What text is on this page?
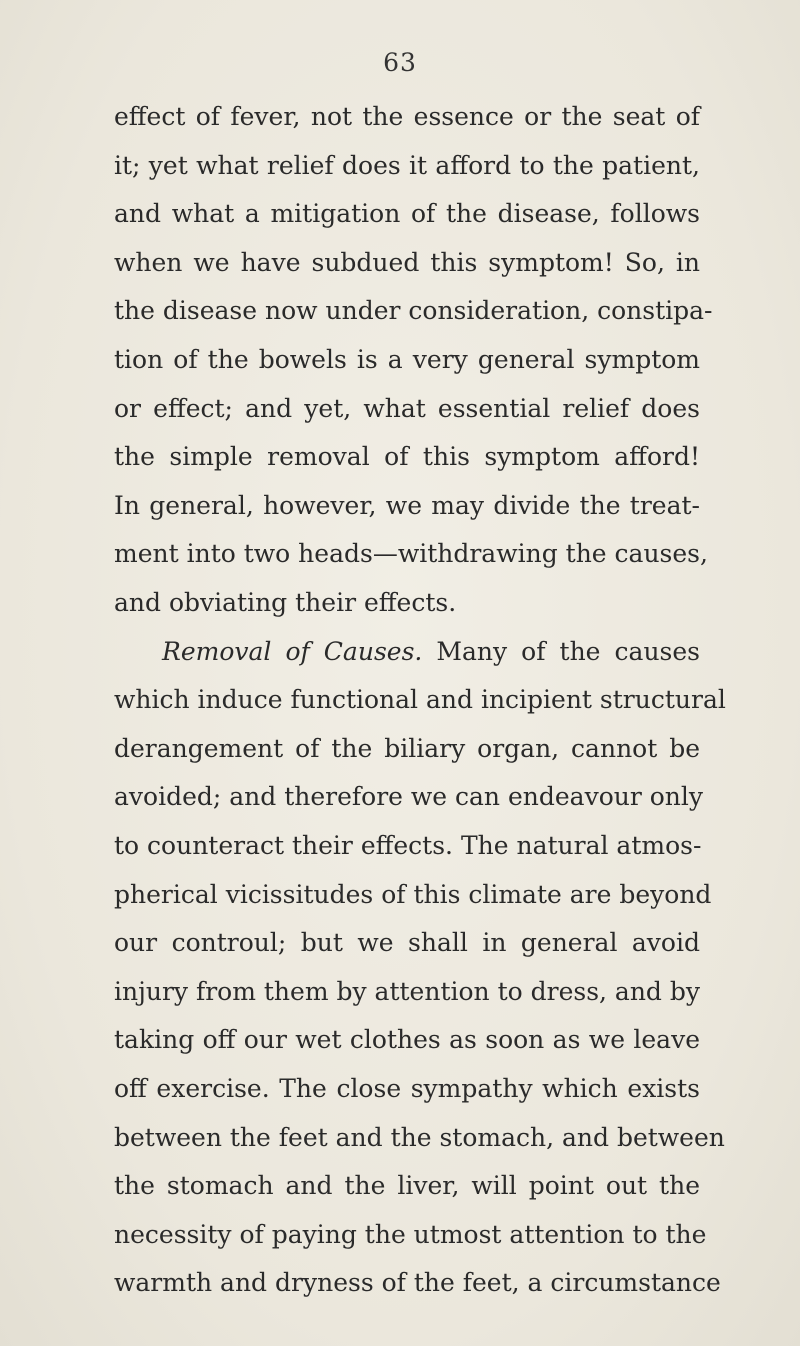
63
effect of fever, not the essence or the seat of
it; yet what relief does it afford to the patient,
and what a mitigation of the disease, follows
when we have subdued this symptom! So, in
the disease now under consideration, constipa-
tion of the bowels is a very general symptom
or effect; and yet, what essential relief does
the simple removal of this symptom afford!
In general, however, we may divide the treat-
ment into two heads—withdrawing the causes,
and obviating their effects.
Removal of Causes. Many of the causes
which induce functional and incipient structural
derangement of the biliary organ, cannot be
avoided; and therefore we can endeavour only
to counteract their effects. The natural atmos-
pherical vicissitudes of this climate are beyond
our controul; but we shall in general avoid
injury from them by attention to dress, and by
taking off our wet clothes as soon as we leave
off exercise. The close sympathy which exists
between the feet and the stomach, and between
the stomach and the liver, will point out the
necessity of paying the utmost attention to the
warmth and dryness of the feet, a circumstance
